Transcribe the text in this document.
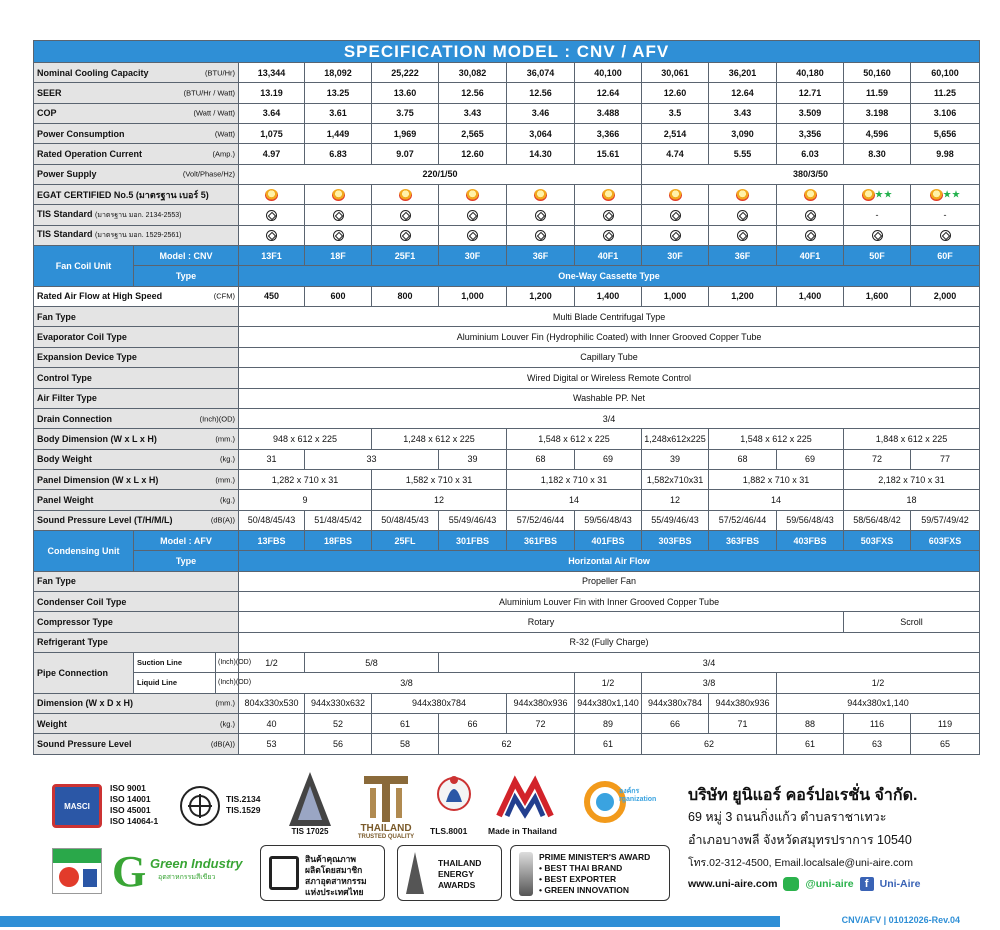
SPECIFICATION MODEL : CNV / AFV													
Nominal Cooling Capacity (BTU/Hr)			13,344	18,092	25,222	30,082	36,074	40,100	30,061	36,201	40,180	50,160	60,100
SEER (BTU/Hr / Watt)			13.19	13.25	13.60	12.56	12.56	12.64	12.60	12.64	12.71	11.59	11.25
COP (Watt / Watt)			3.64	3.61	3.75	3.43	3.46	3.488	3.5	3.43	3.509	3.198	3.106
Power Consumption (Watt)			1,075	1,449	1,969	2,565	3,064	3,366	2,514	3,090	3,356	4,596	5,656
Rated Operation Current (Amp.)			4.97	6.83	9.07	12.60	14.30	15.61	4.74	5.55	6.03	8.30	9.98
Power Supply (Volt/Phase/Hz)			220/1/50						380/3/50				
EGAT CERTIFIED No.5 (มาตรฐาน เบอร์ 5)												★★	★★
TIS Standard (มาตรฐาน มอก. 2134-2553)												-	-
TIS Standard (มาตรฐาน มอก. 1529-2561)													
Fan Coil Unit	Model : CNV		13F1	18F	25F1	30F	36F	40F1	30F	36F	40F1	50F	60F
	Type		One-Way Cassette Type										
Rated Air Flow at High Speed (CFM)			450	600	800	1,000	1,200	1,400	1,000	1,200	1,400	1,600	2,000
Fan Type			Multi Blade Centrifugal Type										
Evaporator Coil Type			Aluminium Louver Fin (Hydrophilic Coated) with Inner Grooved Copper Tube										
Expansion Device Type			Capillary Tube										
Control Type			Wired Digital or Wireless Remote Control										
Air Filter Type			Washable PP. Net										
Drain Connection (Inch)(OD)			3/4										
Body Dimension (W x L x H) (mm.)			948 x 612 x 225		1,248 x 612 x 225		1,548 x 612 x 225		1,248x612x225	1,548 x 612 x 225		1,848 x 612 x 225	
Body Weight (kg.)			31	33		39	68	69	39	68	69	72	77
Panel Dimension (W x L x H) (mm.)			1,282 x 710 x 31		1,582 x 710 x 31		1,182 x 710 x 31		1,582x710x31	1,882 x 710 x 31		2,182 x 710 x 31	
Panel Weight (kg.)			9		12		14		12	14		18	
Sound Pressure Level (T/H/M/L) (dB(A))			50/48/45/43	51/48/45/42	50/48/45/43	55/49/46/43	57/52/46/44	59/56/48/43	55/49/46/43	57/52/46/44	59/56/48/43	58/56/48/42	59/57/49/42
Condensing Unit	Model : AFV		13FBS	18FBS	25FL	301FBS	361FBS	401FBS	303FBS	363FBS	403FBS	503FXS	603FXS
	Type		Horizontal Air Flow										
Fan Type			Propeller Fan										
Condenser Coil Type			Aluminium Louver Fin with Inner Grooved Copper Tube										
Compressor Type			Rotary									Scroll	
Refrigerant Type			R-32 (Fully Charge)										
Pipe Connection	Suction Line	(Inch)(OD)	1/2	5/8		3/4							
	Liquid Line	(Inch)(OD)	3/8					1/2	3/8		1/2		
Dimension (W x D x H) (mm.)			804x330x530	944x330x632	944x380x784		944x380x936	944x380x1,140	944x380x784	944x380x936	944x380x1,140		
Weight (kg.)			40	52	61	66	72	89	66	71	88	116	119
Sound Pressure Level (dB(A))			53	56	58	62		61	62		61	63	65
MASCI
ISO 9001
ISO 14001
ISO 45001
ISO 14064-1
TIS.2134
TIS.1529
TIS 17025	THAILAND
TRUSTED QUALITY
TLS.8001 Made in Thailand
องค์กร rganization บริษัท ยูนิแอร์ คอร์ปอเรชั่น จำกัด.
69 หมู่ 3 ถนนกิ่งแก้ว ตำบลราชาเทวะ
อำเภอบางพลี จังหวัดสมุทรปราการ 10540
โทร.02-312-4500, Email.localsale@uni-aire.com
www.uni-aire.com	@uni-aire	f	Uni-Aire
G Green Industry
อุตสาหกรรมสีเขียว
สินค้าคุณภาพ
ผลิตโดยสมาชิก
สภาอุตสาหกรรม
แห่งประเทศไทย
THAILAND
ENERGY
AWARDS
PRIME MINISTER'S AWARD
• BEST THAI BRAND
• BEST EXPORTER
• GREEN INNOVATION
CNV/AFV | 01012026-Rev.04
